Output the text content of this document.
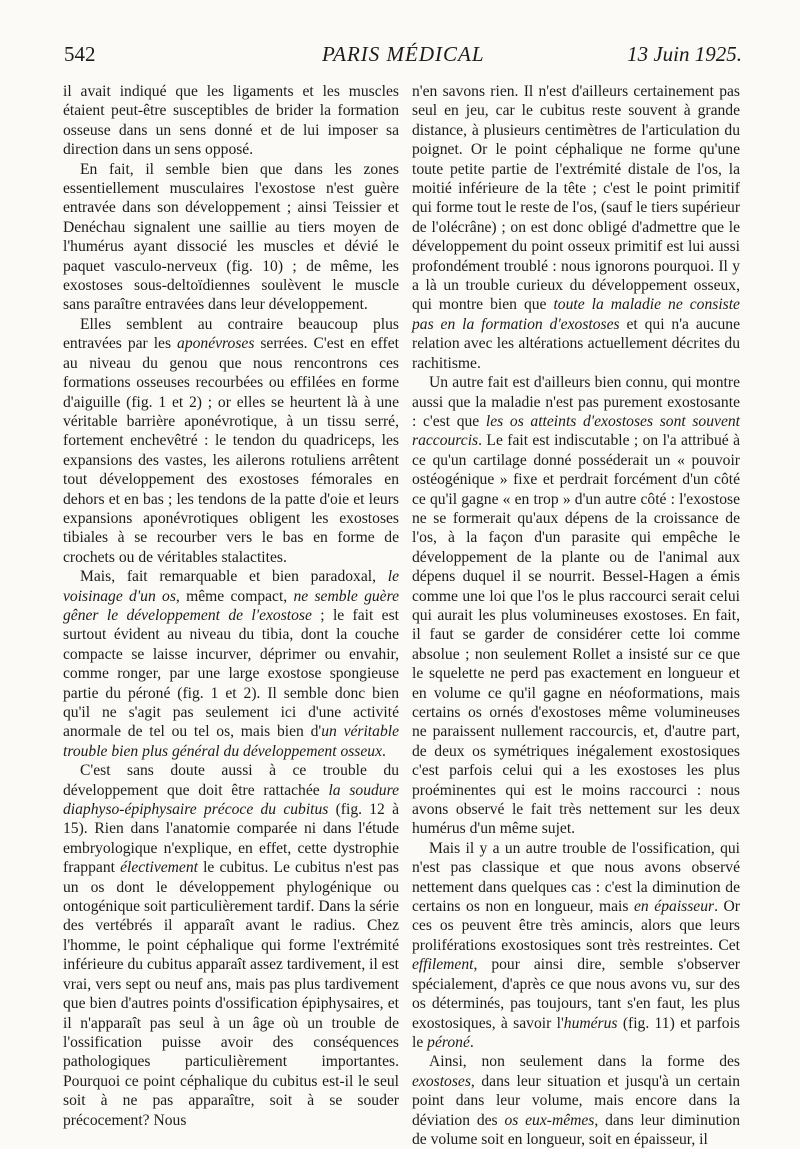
542	PARIS MÉDICAL	13 Juin 1925.

il avait indiqué que les ligaments et les muscles étaient peut-être susceptibles de brider la formation osseuse dans un sens donné et de lui imposer sa direction dans un sens opposé.

En fait, il semble bien que dans les zones essentiellement musculaires l'exostose n'est guère entravée dans son développement ; ainsi Teissier et Denéchau signalent une saillie au tiers moyen de l'humérus ayant dissocié les muscles et dévié le paquet vasculo-nerveux (fig. 10) ; de même, les exostoses sous-deltoïdiennes soulèvent le muscle sans paraître entravées dans leur développement.

Elles semblent au contraire beaucoup plus entravées par les aponévroses serrées. C'est en effet au niveau du genou que nous rencontrons ces formations osseuses recourbées ou effilées en forme d'aiguille (fig. 1 et 2) ; or elles se heurtent là à une véritable barrière aponévrotique, à un tissu serré, fortement enchevêtré : le tendon du quadriceps, les expansions des vastes, les ailerons rotuliens arrêtent tout développement des exostoses fémorales en dehors et en bas ; les tendons de la patte d'oie et leurs expansions aponévrotiques obligent les exostoses tibiales à se recourber vers le bas en forme de crochets ou de véritables stalactites.

Mais, fait remarquable et bien paradoxal, le voisinage d'un os, même compact, ne semble guère gêner le développement de l'exostose ; le fait est surtout évident au niveau du tibia, dont la couche compacte se laisse incurver, déprimer ou envahir, comme ronger, par une large exostose spongieuse partie du péroné (fig. 1 et 2). Il semble donc bien qu'il ne s'agit pas seulement ici d'une activité anormale de tel ou tel os, mais bien d'un véritable trouble bien plus général du développement osseux.

C'est sans doute aussi à ce trouble du développement que doit être rattachée la soudure diaphyso-épiphysaire précoce du cubitus (fig. 12 à 15). Rien dans l'anatomie comparée ni dans l'étude embryologique n'explique, en effet, cette dystrophie frappant électivement le cubitus. Le cubitus n'est pas un os dont le développement phylogénique ou ontogénique soit particulièrement tardif. Dans la série des vertébrés il apparaît avant le radius. Chez l'homme, le point céphalique qui forme l'extrémité inférieure du cubitus apparaît assez tardivement, il est vrai, vers sept ou neuf ans, mais pas plus tardivement que bien d'autres points d'ossification épiphysaires, et il n'apparaît pas seul à un âge où un trouble de l'ossification puisse avoir des conséquences pathologiques particulièrement importantes. Pourquoi ce point céphalique du cubitus est-il le seul soit à ne pas apparaître, soit à se souder précocement? Nous

n'en savons rien. Il n'est d'ailleurs certainement pas seul en jeu, car le cubitus reste souvent à grande distance, à plusieurs centimètres de l'articulation du poignet. Or le point céphalique ne forme qu'une toute petite partie de l'extrémité distale de l'os, la moitié inférieure de la tête ; c'est le point primitif qui forme tout le reste de l'os, (sauf le tiers supérieur de l'olécrâne) ; on est donc obligé d'admettre que le développement du point osseux primitif est lui aussi profondément troublé : nous ignorons pourquoi. Il y a là un trouble curieux du développement osseux, qui montre bien que toute la maladie ne consiste pas en la formation d'exostoses et qui n'a aucune relation avec les altérations actuellement décrites du rachitisme.

Un autre fait est d'ailleurs bien connu, qui montre aussi que la maladie n'est pas purement exostosante : c'est que les os atteints d'exostoses sont souvent raccourcis. Le fait est indiscutable ; on l'a attribué à ce qu'un cartilage donné posséderait un « pouvoir ostéogénique » fixe et perdrait forcément d'un côté ce qu'il gagne « en trop » d'un autre côté : l'exostose ne se formerait qu'aux dépens de la croissance de l'os, à la façon d'un parasite qui empêche le développement de la plante ou de l'animal aux dépens duquel il se nourrit. Bessel-Hagen a émis comme une loi que l'os le plus raccourci serait celui qui aurait les plus volumineuses exostoses. En fait, il faut se garder de considérer cette loi comme absolue ; non seulement Rollet a insisté sur ce que le squelette ne perd pas exactement en longueur et en volume ce qu'il gagne en néoformations, mais certains os ornés d'exostoses même volumineuses ne paraissent nullement raccourcis, et, d'autre part, de deux os symétriques inégalement exostosiques c'est parfois celui qui a les exostoses les plus proéminentes qui est le moins raccourci : nous avons observé le fait très nettement sur les deux humérus d'un même sujet.

Mais il y a un autre trouble de l'ossification, qui n'est pas classique et que nous avons observé nettement dans quelques cas : c'est la diminution de certains os non en longueur, mais en épaisseur. Or ces os peuvent être très amincis, alors que leurs proliférations exostosiques sont très restreintes. Cet effilement, pour ainsi dire, semble s'observer spécialement, d'après ce que nous avons vu, sur des os déterminés, pas toujours, tant s'en faut, les plus exostosiques, à savoir l'humérus (fig. 11) et parfois le péroné.

Ainsi, non seulement dans la forme des exostoses, dans leur situation et jusqu'à un certain point dans leur volume, mais encore dans la déviation des os eux-mêmes, dans leur diminution de volume soit en longueur, soit en épaisseur, il
